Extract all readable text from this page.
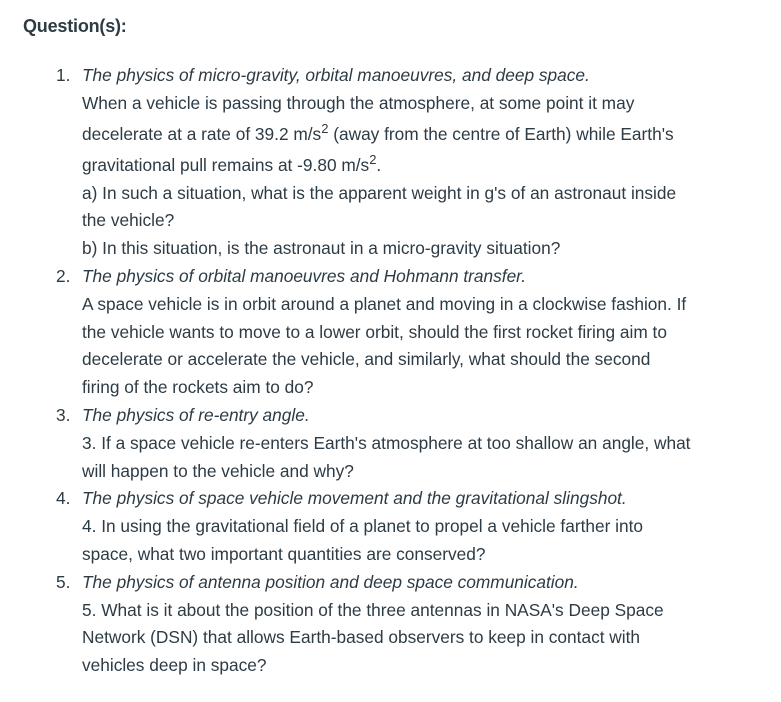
Question(s):
1. The physics of micro-gravity, orbital manoeuvres, and deep space.
When a vehicle is passing through the atmosphere, at some point it may
decelerate at a rate of 39.2 $m/s^2$ (away from the centre of Earth) while Earth's
gravitational pull remains at -9.80 $m/s^2$.
a) In such a situation, what is the apparent weight in g's of an astronaut inside
the vehicle?
b) In this situation, is the astronaut in a micro-gravity situation?
2. The physics of orbital manoeuvres and Hohmann transfer.
A space vehicle is in orbit around a planet and moving in a clockwise fashion. If
the vehicle wants to move to a lower orbit, should the first rocket firing aim to
decelerate or accelerate the vehicle, and similarly, what should the second
firing of the rockets aim to do?
3. The physics of re-entry angle.
3. If a space vehicle re-enters Earth's atmosphere at too shallow an angle, what
will happen to the vehicle and why?
4. The physics of space vehicle movement and the gravitational slingshot.
4. In using the gravitational field of a planet to propel a vehicle farther into
space, what two important quantities are conserved?
5. The physics of antenna position and deep space communication.
5. What is it about the position of the three antennas in NASA's Deep Space
Network (DSN) that allows Earth-based observers to keep in contact with
vehicles deep in space?
